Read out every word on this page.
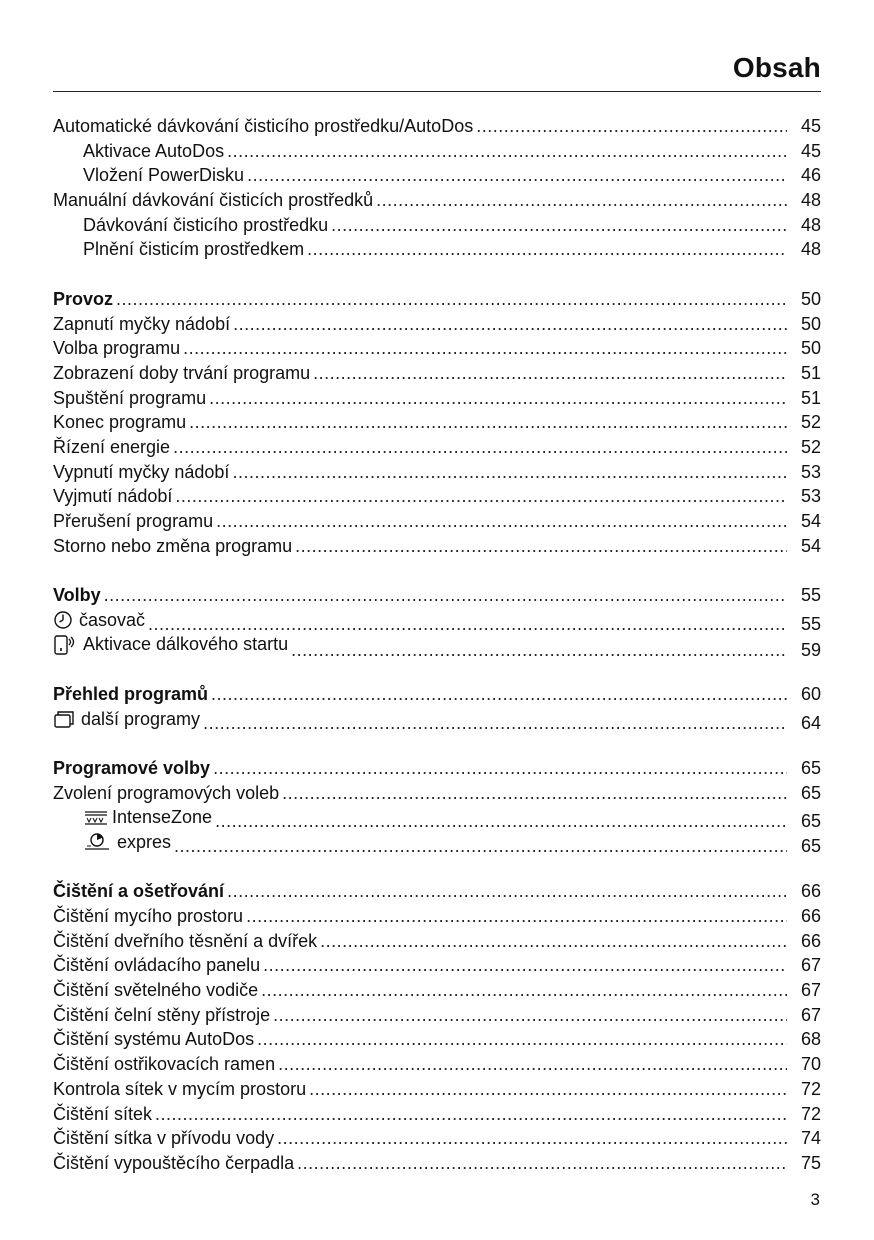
Obsah
Automatické dávkování čisticího prostředku/AutoDos .....	45
Aktivace AutoDos .....	45
Vložení PowerDisku .....	46
Manuální dávkování čisticích prostředků .....	48
Dávkování čisticího prostředku .....	48
Plnění čisticím prostředkem .....	48
Provoz .....	50
Zapnutí myčky nádobí .....	50
Volba programu .....	50
Zobrazení doby trvání programu .....	51
Spuštění programu .....	51
Konec programu .....	52
Řízení energie .....	52
Vypnutí myčky nádobí .....	53
Vyjmutí nádobí .....	53
Přerušení programu .....	54
Storno nebo změna programu .....	54
Volby .....	55
časovač .....	55
Aktivace dálkového startu .....	59
Přehled programů .....	60
další programy .....	64
Programové volby .....	65
Zvolení programových voleb .....	65
IntenseZone .....	65
expres .....	65
Čištění a ošetřování .....	66
Čištění mycího prostoru .....	66
Čištění dveřního těsnění a dvířek .....	66
Čištění ovládacího panelu .....	67
Čištění světelného vodiče .....	67
Čištění čelní stěny přístroje .....	67
Čištění systému AutoDos .....	68
Čištění ostřikovacích ramen .....	70
Kontrola sítek v mycím prostoru .....	72
Čištění sítek .....	72
Čištění sítka v přívodu vody .....	74
Čištění vypouštěcího čerpadla .....	75
3
